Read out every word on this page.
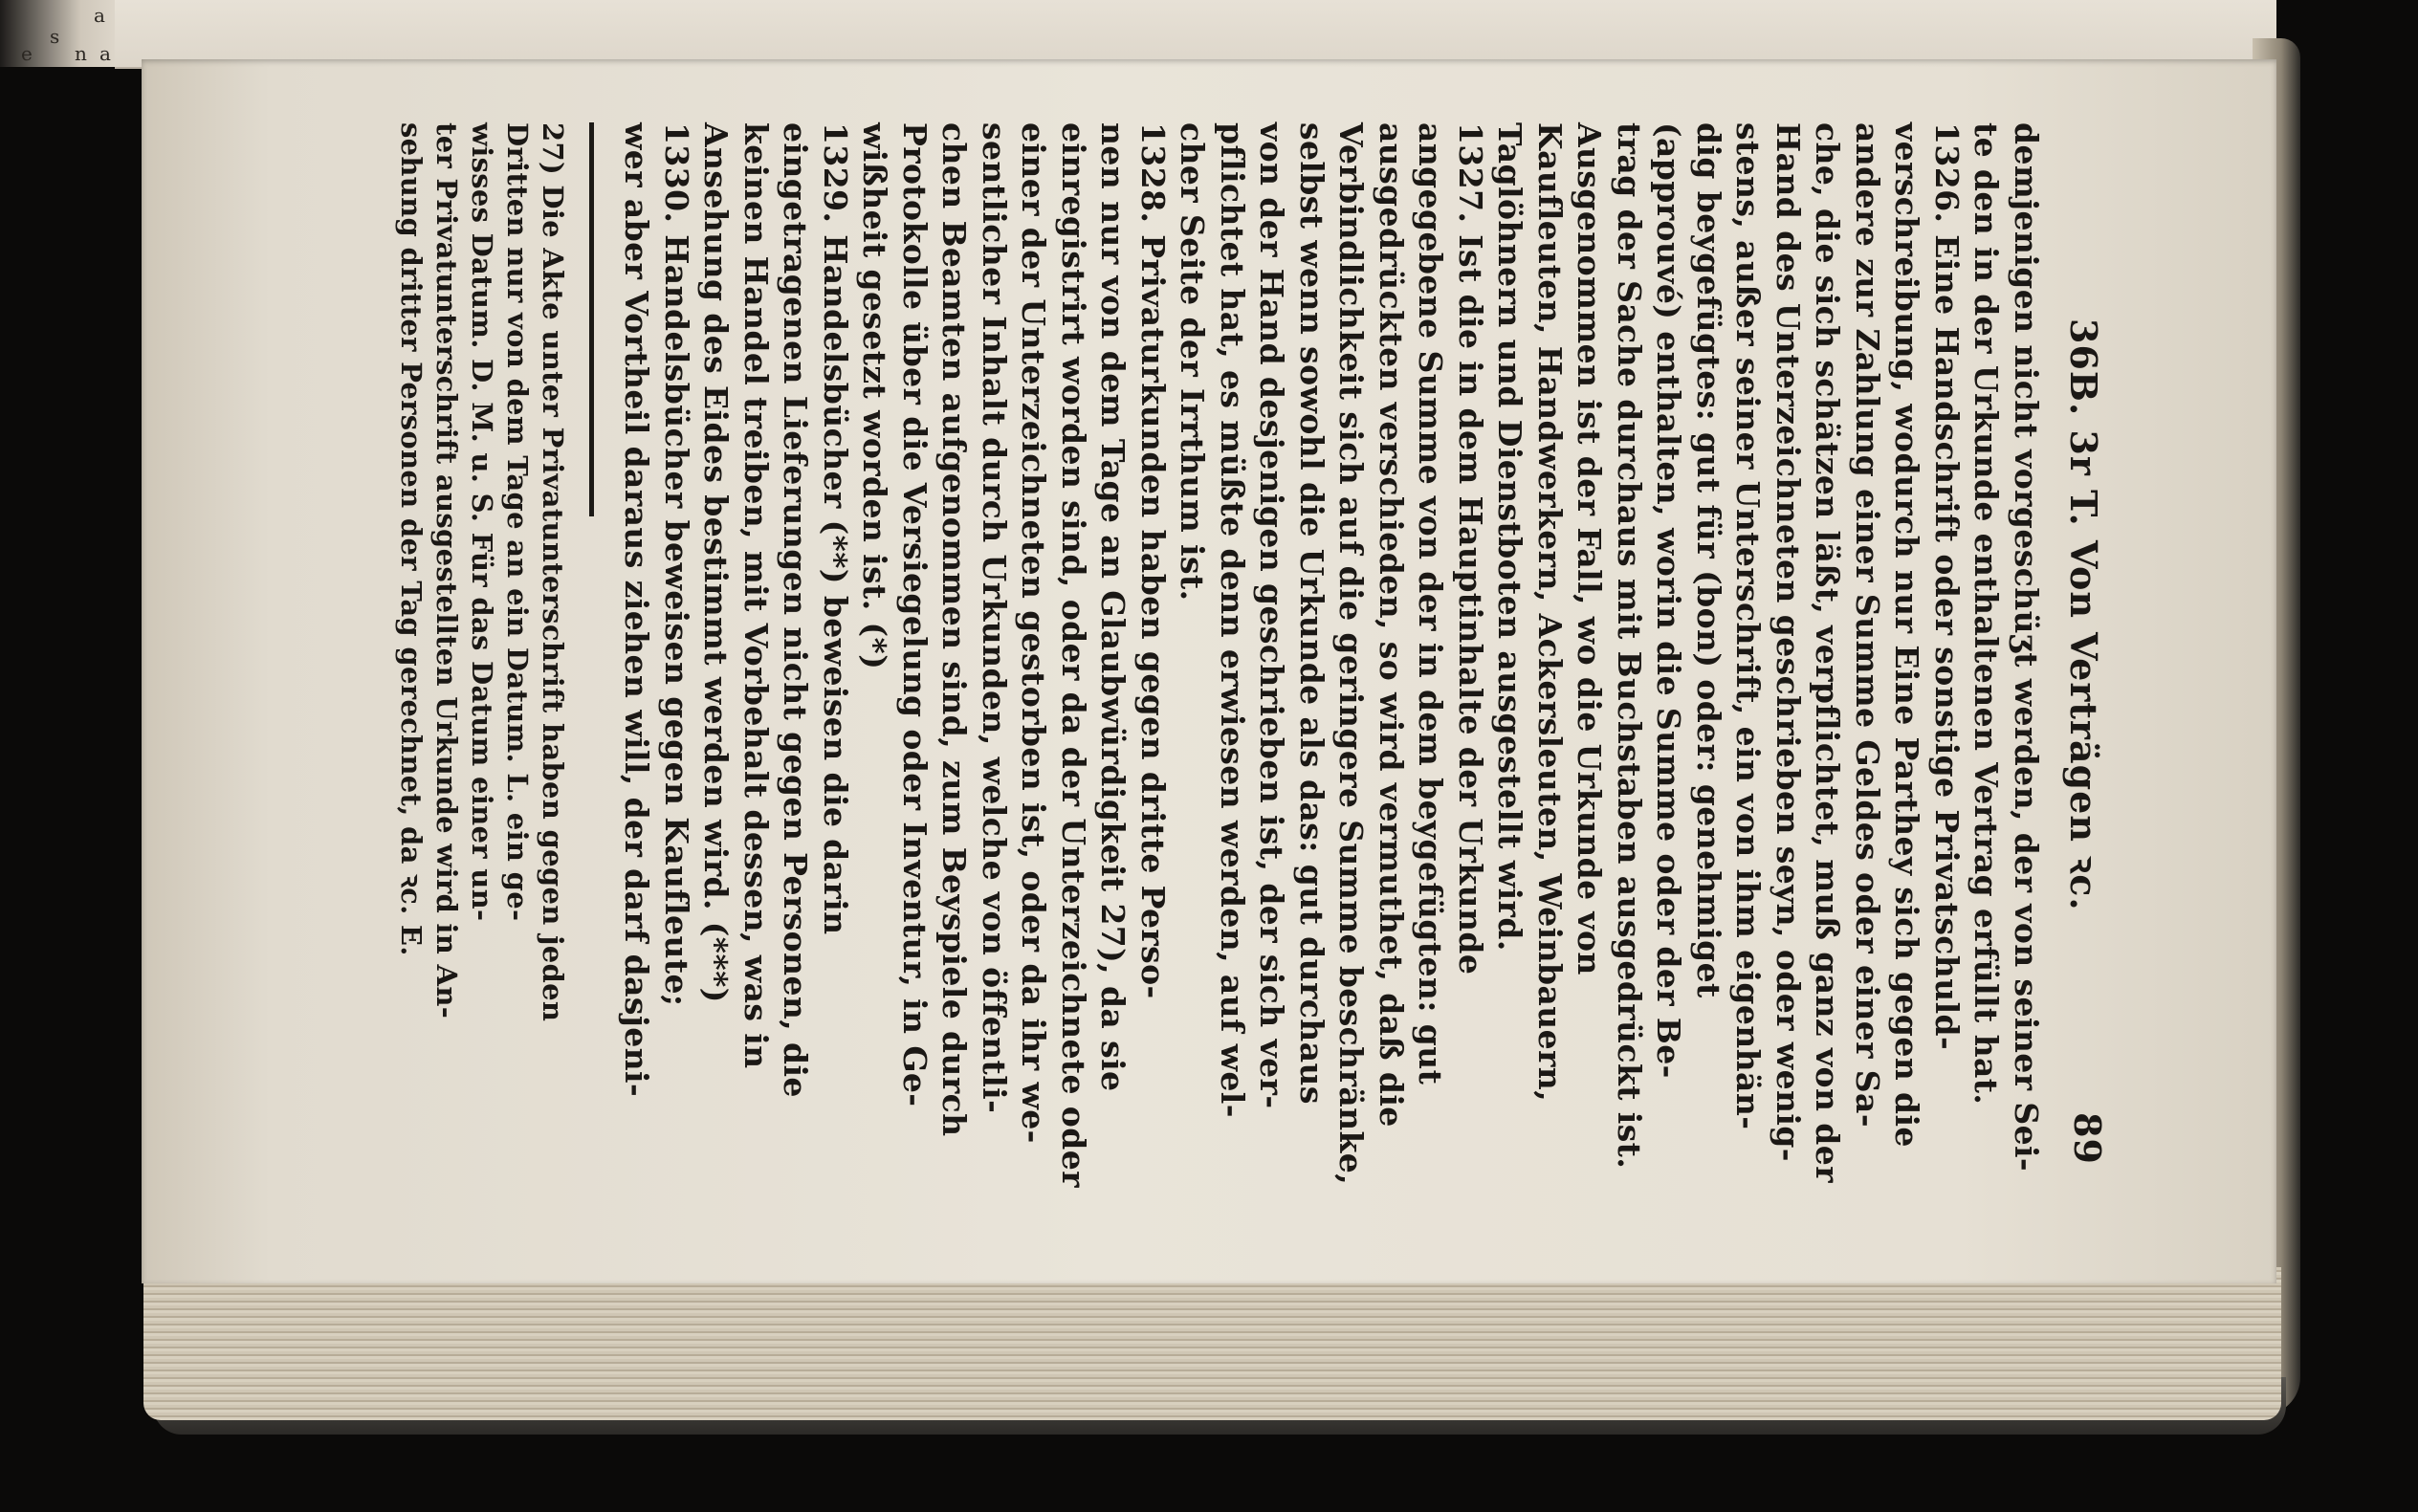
a
s
e n a
36B. 3r T. Von Verträgen ꝛc.
89
demjenigen nicht vorgeschüʒt werden, der von seiner Sei-
te den in der Urkunde enthaltenen Vertrag erfüllt hat.
1326. Eine Handschrift oder sonstige Privatschuld-
verschreibung, wodurch nur Eine Parthey sich gegen die
andere zur Zahlung einer Summe Geldes oder einer Sa-
che, die sich schätzen läßt, verpflichtet, muß ganz von der
Hand des Unterzeichneten geschrieben seyn, oder wenig-
stens, außer seiner Unterschrift, ein von ihm eigenhän-
dig beygefügtes: gut für (bon) oder: genehmiget
(approuvé) enthalten, worin die Summe oder der Be-
trag der Sache durchaus mit Buchstaben ausgedrückt ist.
Ausgenommen ist der Fall, wo die Urkunde von
Kaufleuten, Handwerkern, Ackersleuten, Weinbauern,
Taglöhnern und Dienstboten ausgestellt wird.
1327. Ist die in dem Hauptinhalte der Urkunde
angegebene Summe von der in dem beygefügten: gut
ausgedrückten verschieden, so wird vermuthet, daß die
Verbindlichkeit sich auf die geringere Summe beschränke,
selbst wenn sowohl die Urkunde als das: gut durchaus
von der Hand desjenigen geschrieben ist, der sich ver-
pflichtet hat, es müßte denn erwiesen werden, auf wel-
cher Seite der Irrthum ist.
1328. Privaturkunden haben gegen dritte Perso-
nen nur von dem Tage an Glaubwürdigkeit 27), da sie
einregistrirt worden sind, oder da der Unterzeichnete oder
einer der Unterzeichneten gestorben ist, oder da ihr we-
sentlicher Inhalt durch Urkunden, welche von öffentli-
chen Beamten aufgenommen sind, zum Beyspiele durch
Protokolle über die Versiegelung oder Inventur, in Ge-
wißheit gesetzt worden ist. (*)
1329. Handelsbücher (**) beweisen die darin
eingetragenen Lieferungen nicht gegen Personen, die
keinen Handel treiben, mit Vorbehalt dessen, was in
Ansehung des Eides bestimmt werden wird. (***)
1330. Handelsbücher beweisen gegen Kaufleute;
wer aber Vortheil daraus ziehen will, der darf dasjeni-
27) Die Akte unter Privatunterschrift haben gegen jeden
Dritten nur von dem Tage an ein Datum. L. ein ge-
wisses Datum. D. M. u. S. Für das Datum einer un-
ter Privatunterschrift ausgestellten Urkunde wird in An-
sehung dritter Personen der Tag gerechnet, da ꝛc. E.
